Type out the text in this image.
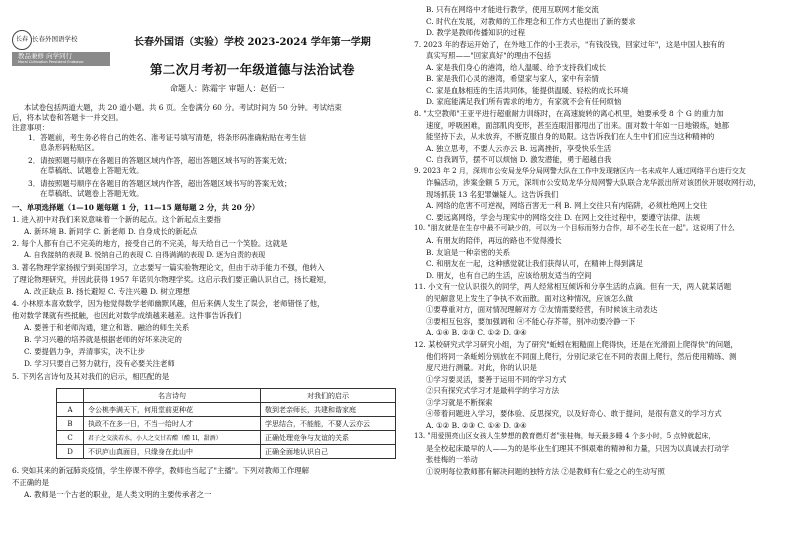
长春 长春外国语学校
教品兼修 向学同行
Moral Cultivation Persistent Endeavor
长春外国语（实验）学校 2023-2024 学年第一学期
第二次月考初一年级道德与法治试卷
命题人：陈霜宇 审题人：赵佰一
本试卷包括两道大题，共 20 道小题。共 6 页。全卷满分 60 分。考试时间为 50 分钟。考试结束
后，将本试卷和答题卡一并交回。
注意事项：
1．答题前，考生务必将自己的姓名、准考证号填写清楚，将条形码准确粘贴在考生信
息条形码粘贴区。
2．请按照题号顺序在各题目的答题区域内作答，超出答题区域书写的答案无效；
在草稿纸、试题卷上答题无效。
3．请按照题号顺序在各题目的答题区域内作答，超出答题区域书写的答案无效；
在草稿纸、试题卷上答题无效。
一、单项选择题（1—10 题每题 1 分，11—15 题每题 2 分，共 20 分）
1. 进入初中对我们来说意味着一个新的起点。这个新起点主要指
A. 新环境 B. 新同学 C. 新老师 D. 自身成长的新起点
2. 每个人都有自己不完美的地方，接受自己的不完美，每天给自己一个笑脸。这就是
A. 自我接纳的表现 B. 悦纳自己的表现 C. 自得满满的表现 D. 逐为自责的表现
3. 著名物理学家扬振宁到美国学习，立志要写一篇实验物理论文，但由于动手能力不强，他转入
了理论物理研究，并因此获得 1957 年诺贝尔物理学奖。这启示我们要正确认识自己，扬长避短，
A. 改正缺点 B. 扬长避短 C. 专注兴趣 D. 树立理想
4. 小林原本喜欢数学，因为他觉得数学老师幽默风趣，但后来俩人发生了误会，老师错怪了他，
他对数学课就有些抵触，也因此对数学成绩越来越差。这件事告诉我们
A. 要善于和老师沟通，建立和谐、融洽的师生关系
B. 学习兴趣的培养就是根据老师的好坏来决定的
C. 要提倡力争，弄清事实，决不让步
D. 学习只要自己努力就行，没有必要关注老师
5. 下列名言诗句及其对我们的启示，相匹配的是
	名言诗句	对我们的启示
A	令公桃李满天下，何用堂前更种花	敬到老亲师长，共建和谐家庭
B	执政不在多一日，不当一给时人才	学思结合，不能能，不要人云亦云
C	君子之交淡若水，小人之交甘若醴（醴 1l，甜酒）	正确处理竞争与友谊的关系
D	不识庐山真面目，只缘身在此山中	正确全面地认识自己
6. 突如其来的新冠肺炎疫情，学生停课不停学，教师也当起了"主播"。下列对教师工作理解
不正确的是
A. 教师是一个古老的职业，是人类文明的主要传承者之一
B. 只有在网络中才能进行教学，使用互联网才能交流
C. 时代在发展，对教师的工作理念和工作方式也提出了新的要求
D. 教学是教师传播知识的过程
7. 2023 年的春运开始了，在外地工作的小王表示，"有钱没钱，回家过年"，这是中国人独有的
真实写照——"回家真好"的理由不包括
A. 家是我们身心的港湾，给人温暖、给予支持我们成长
B. 家是我们心灵的港湾，希望家与家人，家中有亲情
C. 家是血脉相连的生活共同体，能提供温暖、轻松的成长环境
D. 家庭能满足我们所有需求的地方，有家就不会有任何烦恼
8. "太空教师"王亚平进行超重耐力训练时，在高速旋转的离心机里，她要承受 8 个 G 的重力加
速度，呼吸困难，面部肌肉变形，甚至连眼泪都甩出了出来。面对数十年如一日地锻炼，她都
能坚持下去，从未放弃，不断克服自身的局限。这告诉我们在人生中们们应当这种精神的
A. 独立思考，不要人云亦云 B. 远离挫折，享受快乐生活
C. 自我调节，摆不可以烦恼 D. 激发潜能，勇于超越自我
9. 2023 年 2 月，深圳市公安局龙华分局网警大队在工作中发现辖区内一名未成年人通过网络平台进行交友
诈骗活动，涉案金额 5 万元，深圳市公安局龙华分局网警大队联合龙华派出所对该团伙开展收网行动，
现场抓获 13 名犯罪嫌疑人。这告诉我们
A. 网络的危害不可逆视，网络百害无一利 B. 网上交往只有内陷阱，必须杜绝网上交往
C. 要远离网络，学会与现实中的网络交往 D. 在网上交往过程中，要遵守法律、法规
10. "朋友就是在生存中最不可缺少的，可以为一个目标而努力合作，却不必生长在一起"。这说明了什么
A. 有朋友的陪伴，再远的路也不觉得漫长
B. 友谊是一种亲密的关系
C. 和朋友在一起，这种感觉就让我们获得认可，在精神上得到满足
D. 朋友，也有自己的生活，应该给朋友适当的空间
11. 小文有一位认识很久的同学，两人经常相互倾诉和分享生活的点滴。但有一天，两人就某话题
的见解意见上发生了争执不欢而散。面对这种情况，应该怎么做
①要尊重对方，面对情况理解对方 ②友情需要经营，有时候该主动表达
③要相互包容，要加强调和 ④不能心存芥蒂，别冲动要冷静一下
A. ①④ B. ②③ C. ①② D. ③④
12. 某校研究式学习研究小组，为了研究"蚯蚓在粗糙面上爬得快，还是在光滑面上爬得快"的问题，
他们将同一条蚯蚓分别放在不同面上爬行，分别记录它在不同的表面上爬行，然后使用精练、测
度尺进行测量。对此，你的认识是
①学习要灵活，要善于运用不同的学习方式
②只有探究式学习才是最科学的学习方法
③学习就是不断探索
④带着问题进入学习，要体验、反思探究，以及好奇心、敢于提问，是很有意义的学习方式
A. ①② B. ②③ C. ①④ D. ③④
13. "用爱照亮山区女孩人生梦想的教育燃灯者"张桂梅，每天最多睡 4 个多小时，5 点钟就起床，
是全校起床最早的人——为的是毕业生们理其不惧艰难的精神和力量，只因为以真诚去打动学
张桂梅的一举动
①说明每位教师都有解决问题的独特方法 ②是教师有仁爱之心的生动写照
